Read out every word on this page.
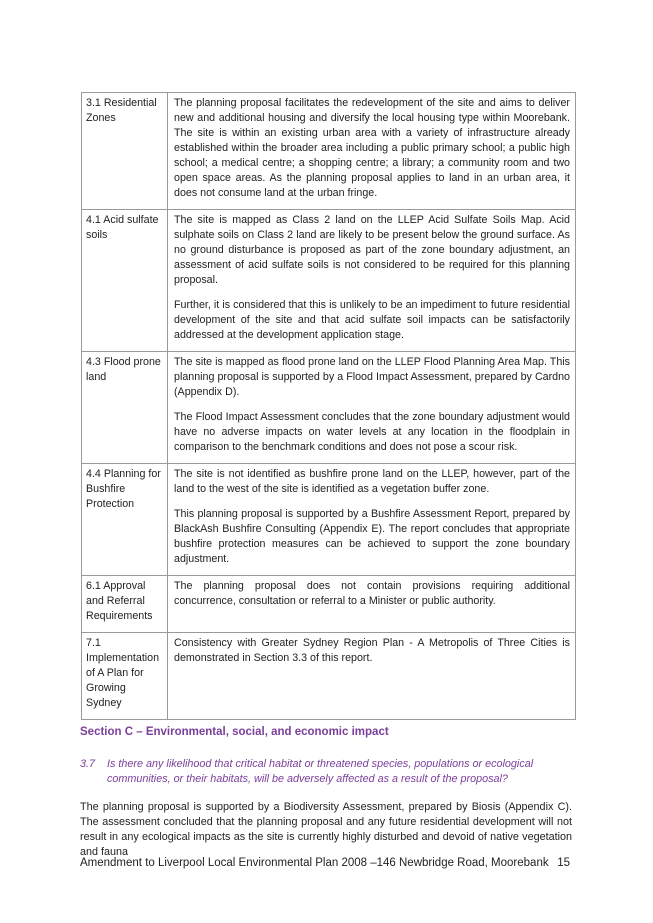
3.1 Residential Zones	The planning proposal facilitates the redevelopment of the site and aims to deliver new and additional housing and diversify the local housing type within Moorebank. The site is within an existing urban area with a variety of infrastructure already established within the broader area including a public primary school; a public high school; a medical centre; a shopping centre; a library; a community room and two open space areas. As the planning proposal applies to land in an urban area, it does not consume land at the urban fringe.

4.1 Acid sulfate soils	The site is mapped as Class 2 land on the LLEP Acid Sulfate Soils Map. Acid sulphate soils on Class 2 land are likely to be present below the ground surface. As no ground disturbance is proposed as part of the zone boundary adjustment, an assessment of acid sulfate soils is not considered to be required for this planning proposal.

Further, it is considered that this is unlikely to be an impediment to future residential development of the site and that acid sulfate soil impacts can be satisfactorily addressed at the development application stage.

4.3 Flood prone land	The site is mapped as flood prone land on the LLEP Flood Planning Area Map. This planning proposal is supported by a Flood Impact Assessment, prepared by Cardno (Appendix D).

The Flood Impact Assessment concludes that the zone boundary adjustment would have no adverse impacts on water levels at any location in the floodplain in comparison to the benchmark conditions and does not pose a scour risk.

4.4 Planning for Bushfire Protection	The site is not identified as bushfire prone land on the LLEP, however, part of the land to the west of the site is identified as a vegetation buffer zone.

This planning proposal is supported by a Bushfire Assessment Report, prepared by BlackAsh Bushfire Consulting (Appendix E). The report concludes that appropriate bushfire protection measures can be achieved to support the zone boundary adjustment.

6.1 Approval and Referral Requirements	The planning proposal does not contain provisions requiring additional concurrence, consultation or referral to a Minister or public authority.

7.1 Implementation of A Plan for Growing Sydney	Consistency with Greater Sydney Region Plan - A Metropolis of Three Cities is demonstrated in Section 3.3 of this report.

Section C – Environmental, social, and economic impact
3.7 Is there any likelihood that critical habitat or threatened species, populations or ecological communities, or their habitats, will be adversely affected as a result of the proposal?
The planning proposal is supported by a Biodiversity Assessment, prepared by Biosis (Appendix C). The assessment concluded that the planning proposal and any future residential development will not result in any ecological impacts as the site is currently highly disturbed and devoid of native vegetation and fauna
Amendment to Liverpool Local Environmental Plan 2008 –146 Newbridge Road, Moorebank 15
